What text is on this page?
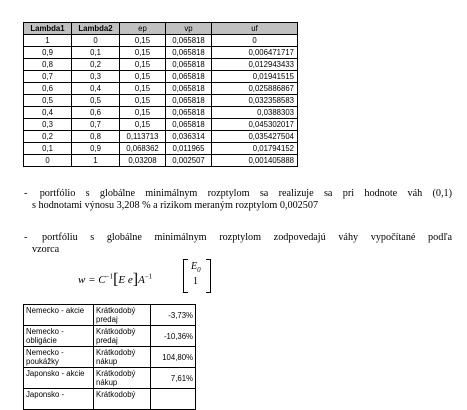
Lambda1	Lambda2	ep	vp	uf
1	0	0,15	0,065818	0
0,9	0,1	0,15	0,065818	0,006471717
0,8	0,2	0,15	0,065818	0,012943433
0,7	0,3	0,15	0,065818	0,01941515
0,6	0,4	0,15	0,065818	0,025886867
0,5	0,5	0,15	0,065818	0,032358583
0,4	0,6	0,15	0,065818	0,0388303
0,3	0,7	0,15	0,065818	0,045302017
0,2	0,8	0,113713	0,036314	0,035427504
0,1	0,9	0,068362	0,011965	0,01794152
0	1	0,03208	0,002507	0,001405888
- portfólio s globálne minimálnym rozptylom sa realizuje sa pri hodnote váh (0,1)
s hodnotami výnosu 3,208 % a rizikom meraným rozptylom 0,002507
- portfóliu s globálne minimálnym rozptylom zodpovedajú váhy vypočítané podľa
vzorca
$w = C^{-1}[E$ $e]A^{-1}$
$E_0$
1
Nemecko - akcie	Krátkodobý predaj	-3,73%
Nemecko - obligácie	Krátkodobý predaj	-10,36%
Nemecko - poukážky	Krátkodobý nákup	104,80%
Japonsko - akcie	Krátkodobý nákup	7,61%
Japonsko -	Krátkodobý	
